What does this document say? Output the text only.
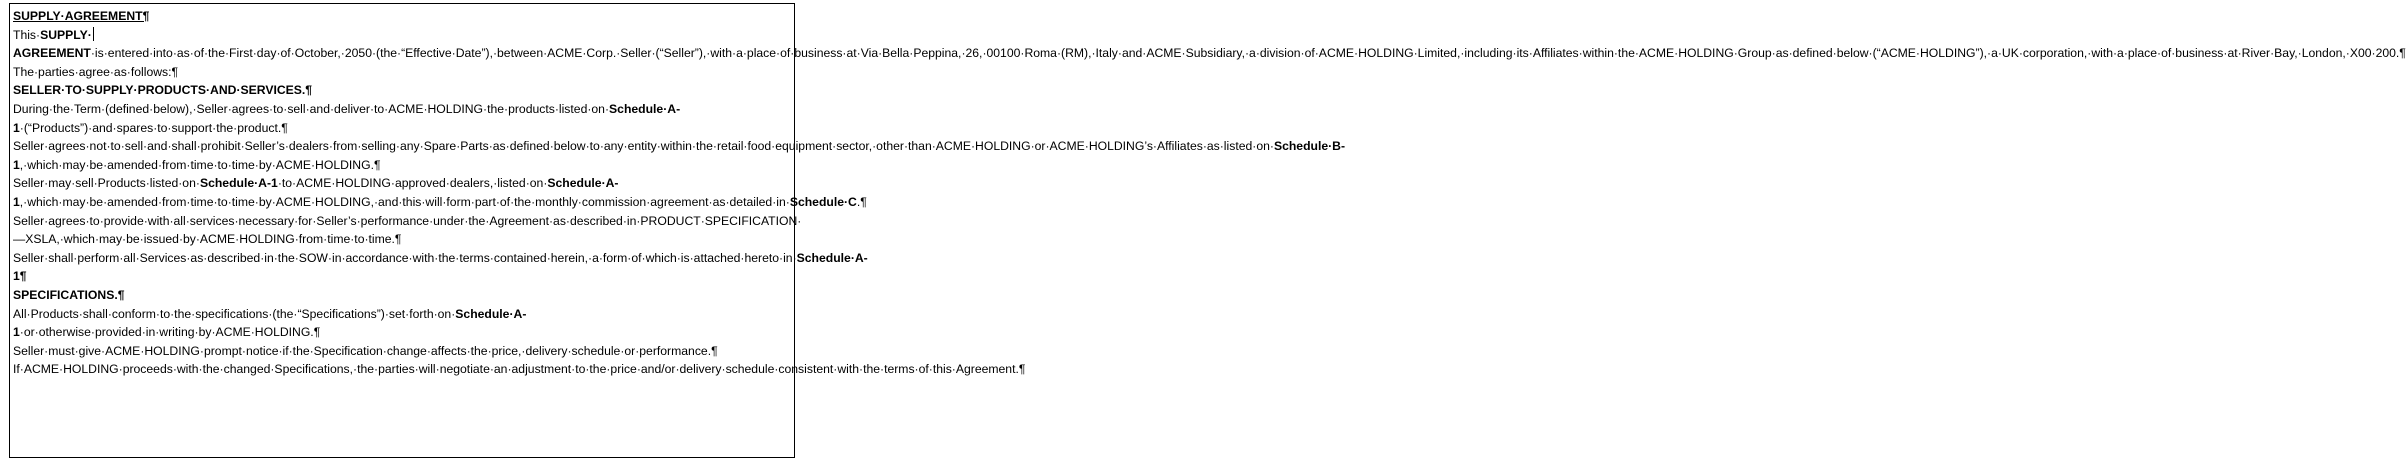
SUPPLY·AGREEMENT¶

This·SUPPLY·AGREEMENT·is·entered·into·as·of·the·First·day·of·October,·2050·(the·“Effective·Date”),·between·ACME·Corp.·Seller·(“Seller”),·with·a·place·of·business·at·Via·Bella·Peppina,·26,·00100·Roma·(RM),·Italy·and·ACME·Subsidiary,·a·division·of·ACME·HOLDING·Limited,·including·its·Affiliates·within·the·ACME·HOLDING·Group·as·defined·below·(“ACME·HOLDING”),·a·UK·corporation,·with·a·place·of·business·at·River·Bay,·London,·X00·200.¶

The·parties·agree·as·follows:¶

SELLER·TO·SUPPLY·PRODUCTS·AND·SERVICES.¶

During·the·Term·(defined·below),·Seller·agrees·to·sell·and·deliver·to·ACME·HOLDING·the·products·listed·on·Schedule·A-1·(“Products”)·and·spares·to·support·the·product.¶

Seller·agrees·not·to·sell·and·shall·prohibit·Seller’s·dealers·from·selling·any·Spare·Parts·as·defined·below·to·any·entity·within·the·retail·food·equipment·sector,·other·than·ACME·HOLDING·or·ACME·HOLDING’s·Affiliates·as·listed·on·Schedule·B-1,·which·may·be·amended·from·time·to·time·by·ACME·HOLDING.¶

Seller·may·sell·Products·listed·on·Schedule·A-1·to·ACME·HOLDING·approved·dealers,·listed·on·Schedule·A-1,·which·may·be·amended·from·time·to·time·by·ACME·HOLDING,·and·this·will·form·part·of·the·monthly·commission·agreement·as·detailed·in·Schedule·C.¶

Seller·agrees·to·provide·with·all·services·necessary·for·Seller’s·performance·under·the·Agreement·as·described·in·PRODUCT·SPECIFICATION·—XSLA,·which·may·be·issued·by·ACME·HOLDING·from·time·to·time.¶

Seller·shall·perform·all·Services·as·described·in·the·SOW·in·accordance·with·the·terms·contained·herein,·a·form·of·which·is·attached·hereto·in·Schedule·A-1¶

SPECIFICATIONS.¶

All·Products·shall·conform·to·the·specifications·(the·“Specifications”)·set·forth·on·Schedule·A-1·or·otherwise·provided·in·writing·by·ACME·HOLDING.¶

Seller·must·give·ACME·HOLDING·prompt·notice·if·the·Specification·change·affects·the·price,·delivery·schedule·or·performance.¶

If·ACME·HOLDING·proceeds·with·the·changed·Specifications,·the·parties·will·negotiate·an·adjustment·to·the·price·and/or·delivery·schedule·consistent·with·the·terms·of·this·Agreement.¶
